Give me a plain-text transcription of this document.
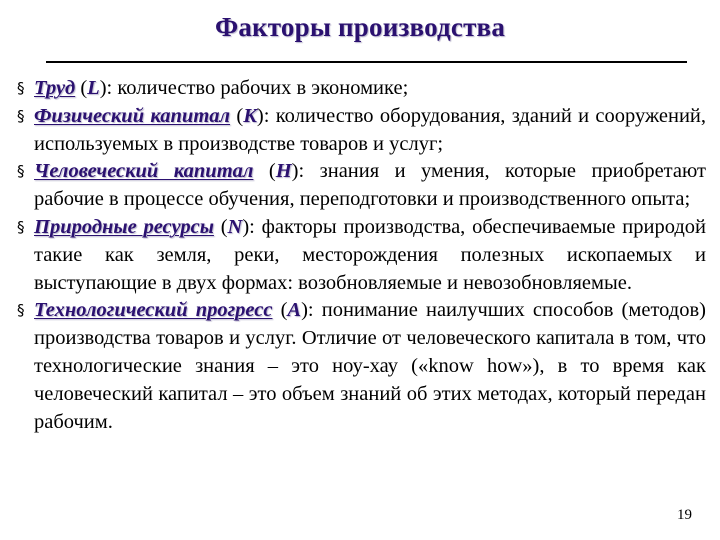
Факторы производства
§ Труд (L): количество рабочих в экономике;
§ Физический капитал (K): количество оборудования, зданий и сооружений, используемых в производстве товаров и услуг;
§ Человеческий капитал (H): знания и умения, которые приобретают рабочие в процессе обучения, переподготовки и производственного опыта;
§ Природные ресурсы (N): факторы производства, обеспечиваемые природой такие как земля, реки, месторождения полезных ископаемых и выступающие в двух формах: возобновляемые и невозобновляемые.
§ Технологический прогресс (A): понимание наилучших способов (методов) производства товаров и услуг. Отличие от человеческого капитала в том, что технологические знания – это ноу-хау («know how»), в то время как человеческий капитал – это объем знаний об этих методах, который передан рабочим.
19
